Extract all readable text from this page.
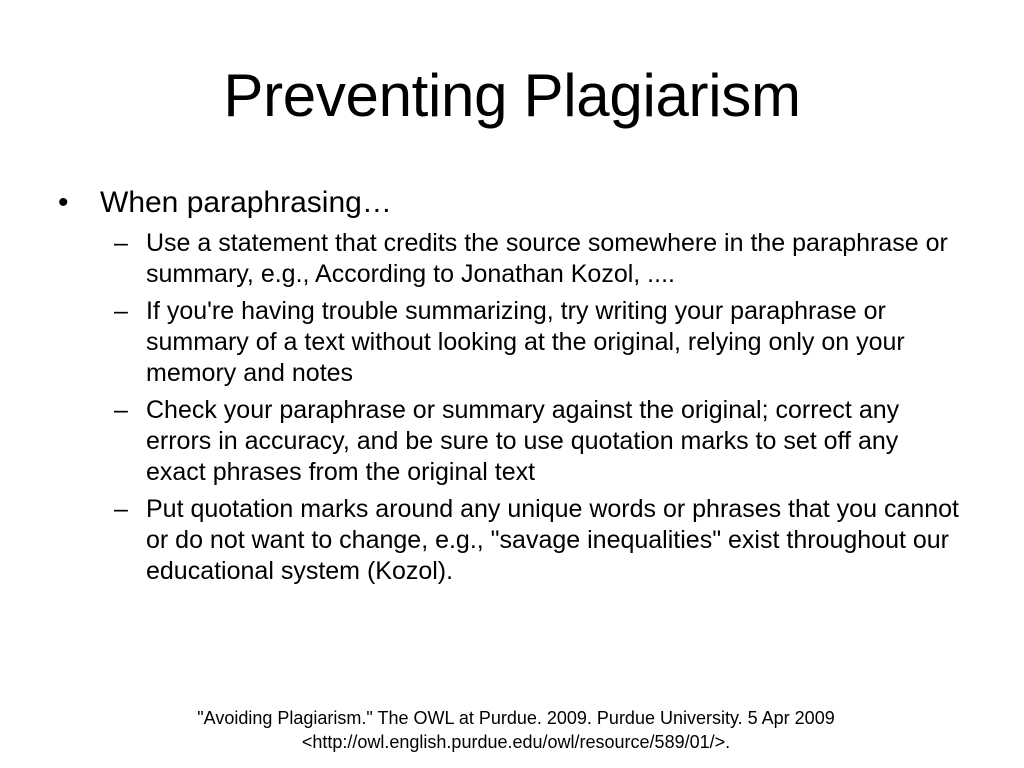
Preventing Plagiarism

•	When paraphrasing…

– Use a statement that credits the source somewhere in the paraphrase or summary, e.g., According to Jonathan Kozol, ....
– If you're having trouble summarizing, try writing your paraphrase or summary of a text without looking at the original, relying only on your memory and notes
– Check your paraphrase or summary against the original; correct any errors in accuracy, and be sure to use quotation marks to set off any exact phrases from the original text
– Put quotation marks around any unique words or phrases that you cannot or do not want to change, e.g., "savage inequalities" exist throughout our educational system (Kozol).
"Avoiding Plagiarism." The OWL at Purdue. 2009. Purdue University. 5 Apr 2009
<http://owl.english.purdue.edu/owl/resource/589/01/>.
